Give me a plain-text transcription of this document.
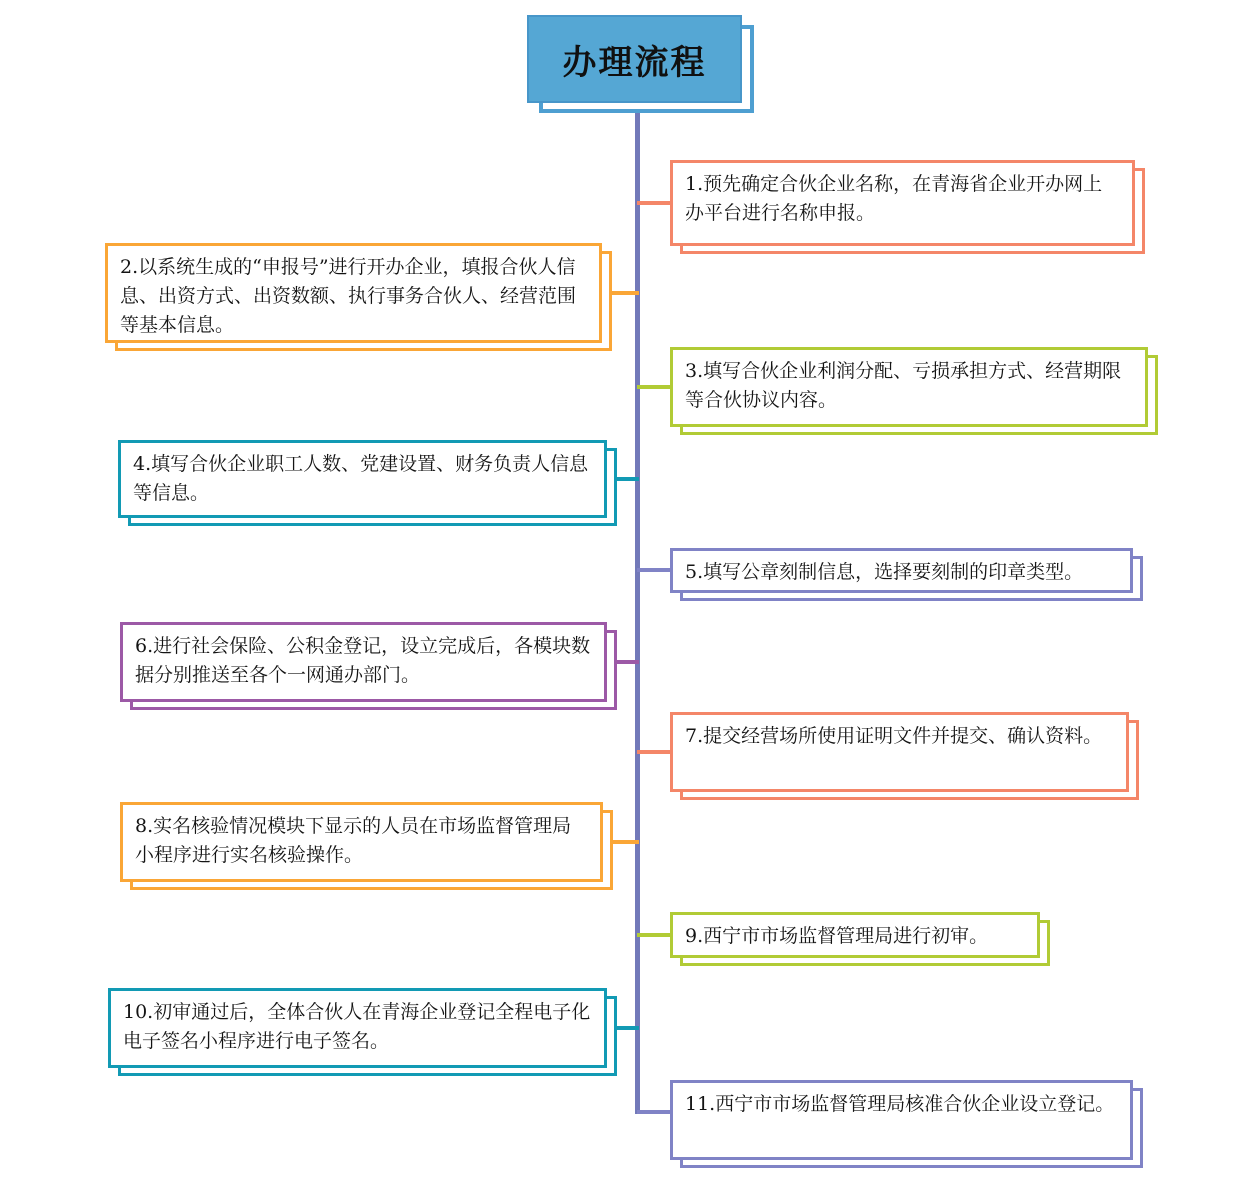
办理流程
1.预先确定合伙企业名称，在青海省企业开办网上办平台进行名称申报。
2.以系统生成的“申报号”进行开办企业，填报合伙人信息、出资方式、出资数额、执行事务合伙人、经营范围等基本信息。
3.填写合伙企业利润分配、亏损承担方式、经营期限等合伙协议内容。
4.填写合伙企业职工人数、党建设置、财务负责人信息等信息。
5.填写公章刻制信息，选择要刻制的印章类型。
6.进行社会保险、公积金登记，设立完成后，各模块数据分别推送至各个一网通办部门。
7.提交经营场所使用证明文件并提交、确认资料。
8.实名核验情况模块下显示的人员在市场监督管理局小程序进行实名核验操作。
9.西宁市市场监督管理局进行初审。
10.初审通过后，全体合伙人在青海企业登记全程电子化电子签名小程序进行电子签名。
11.西宁市市场监督管理局核准合伙企业设立登记。
